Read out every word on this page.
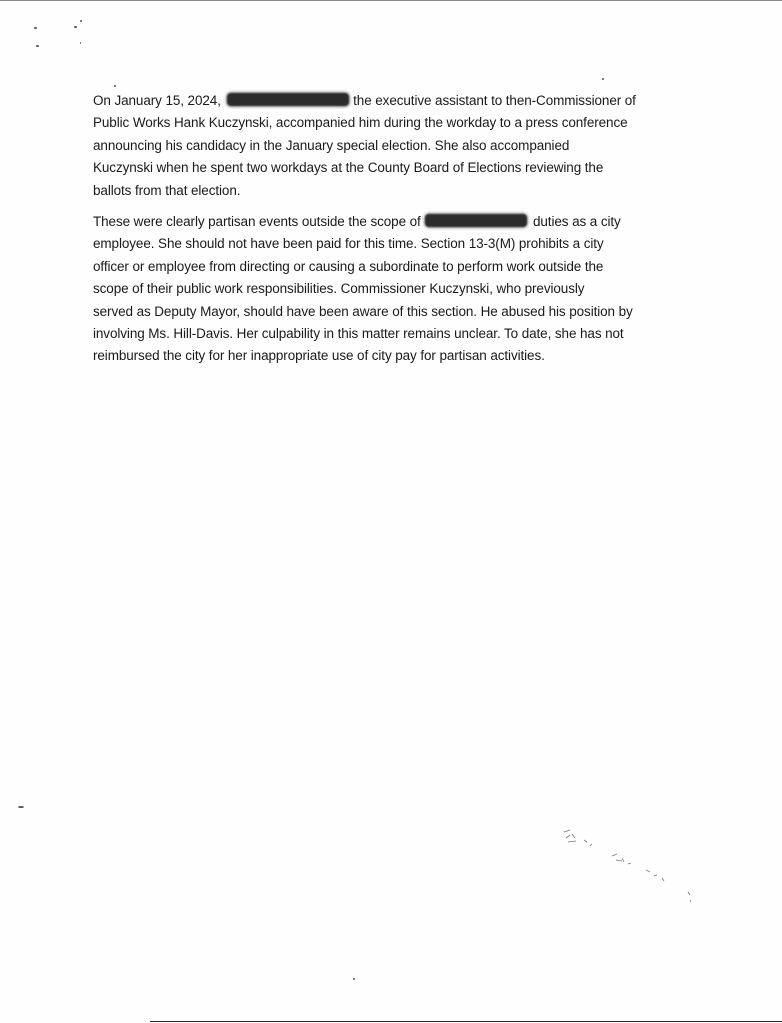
On January 15, 2024,	the executive assistant to then-Commissioner of
Public Works Hank Kuczynski, accompanied him during the workday to a press conference
announcing his candidacy in the January special election. She also accompanied
Kuczynski when he spent two workdays at the County Board of Elections reviewing the
ballots from that election.
These were clearly partisan events outside the scope of	duties as a city
employee. She should not have been paid for this time. Section 13-3(M) prohibits a city
officer or employee from directing or causing a subordinate to perform work outside the
scope of their public work responsibilities. Commissioner Kuczynski, who previously
served as Deputy Mayor, should have been aware of this section. He abused his position by
involving Ms. Hill-Davis. Her culpability in this matter remains unclear. To date, she has not
reimbursed the city for her inappropriate use of city pay for partisan activities.
